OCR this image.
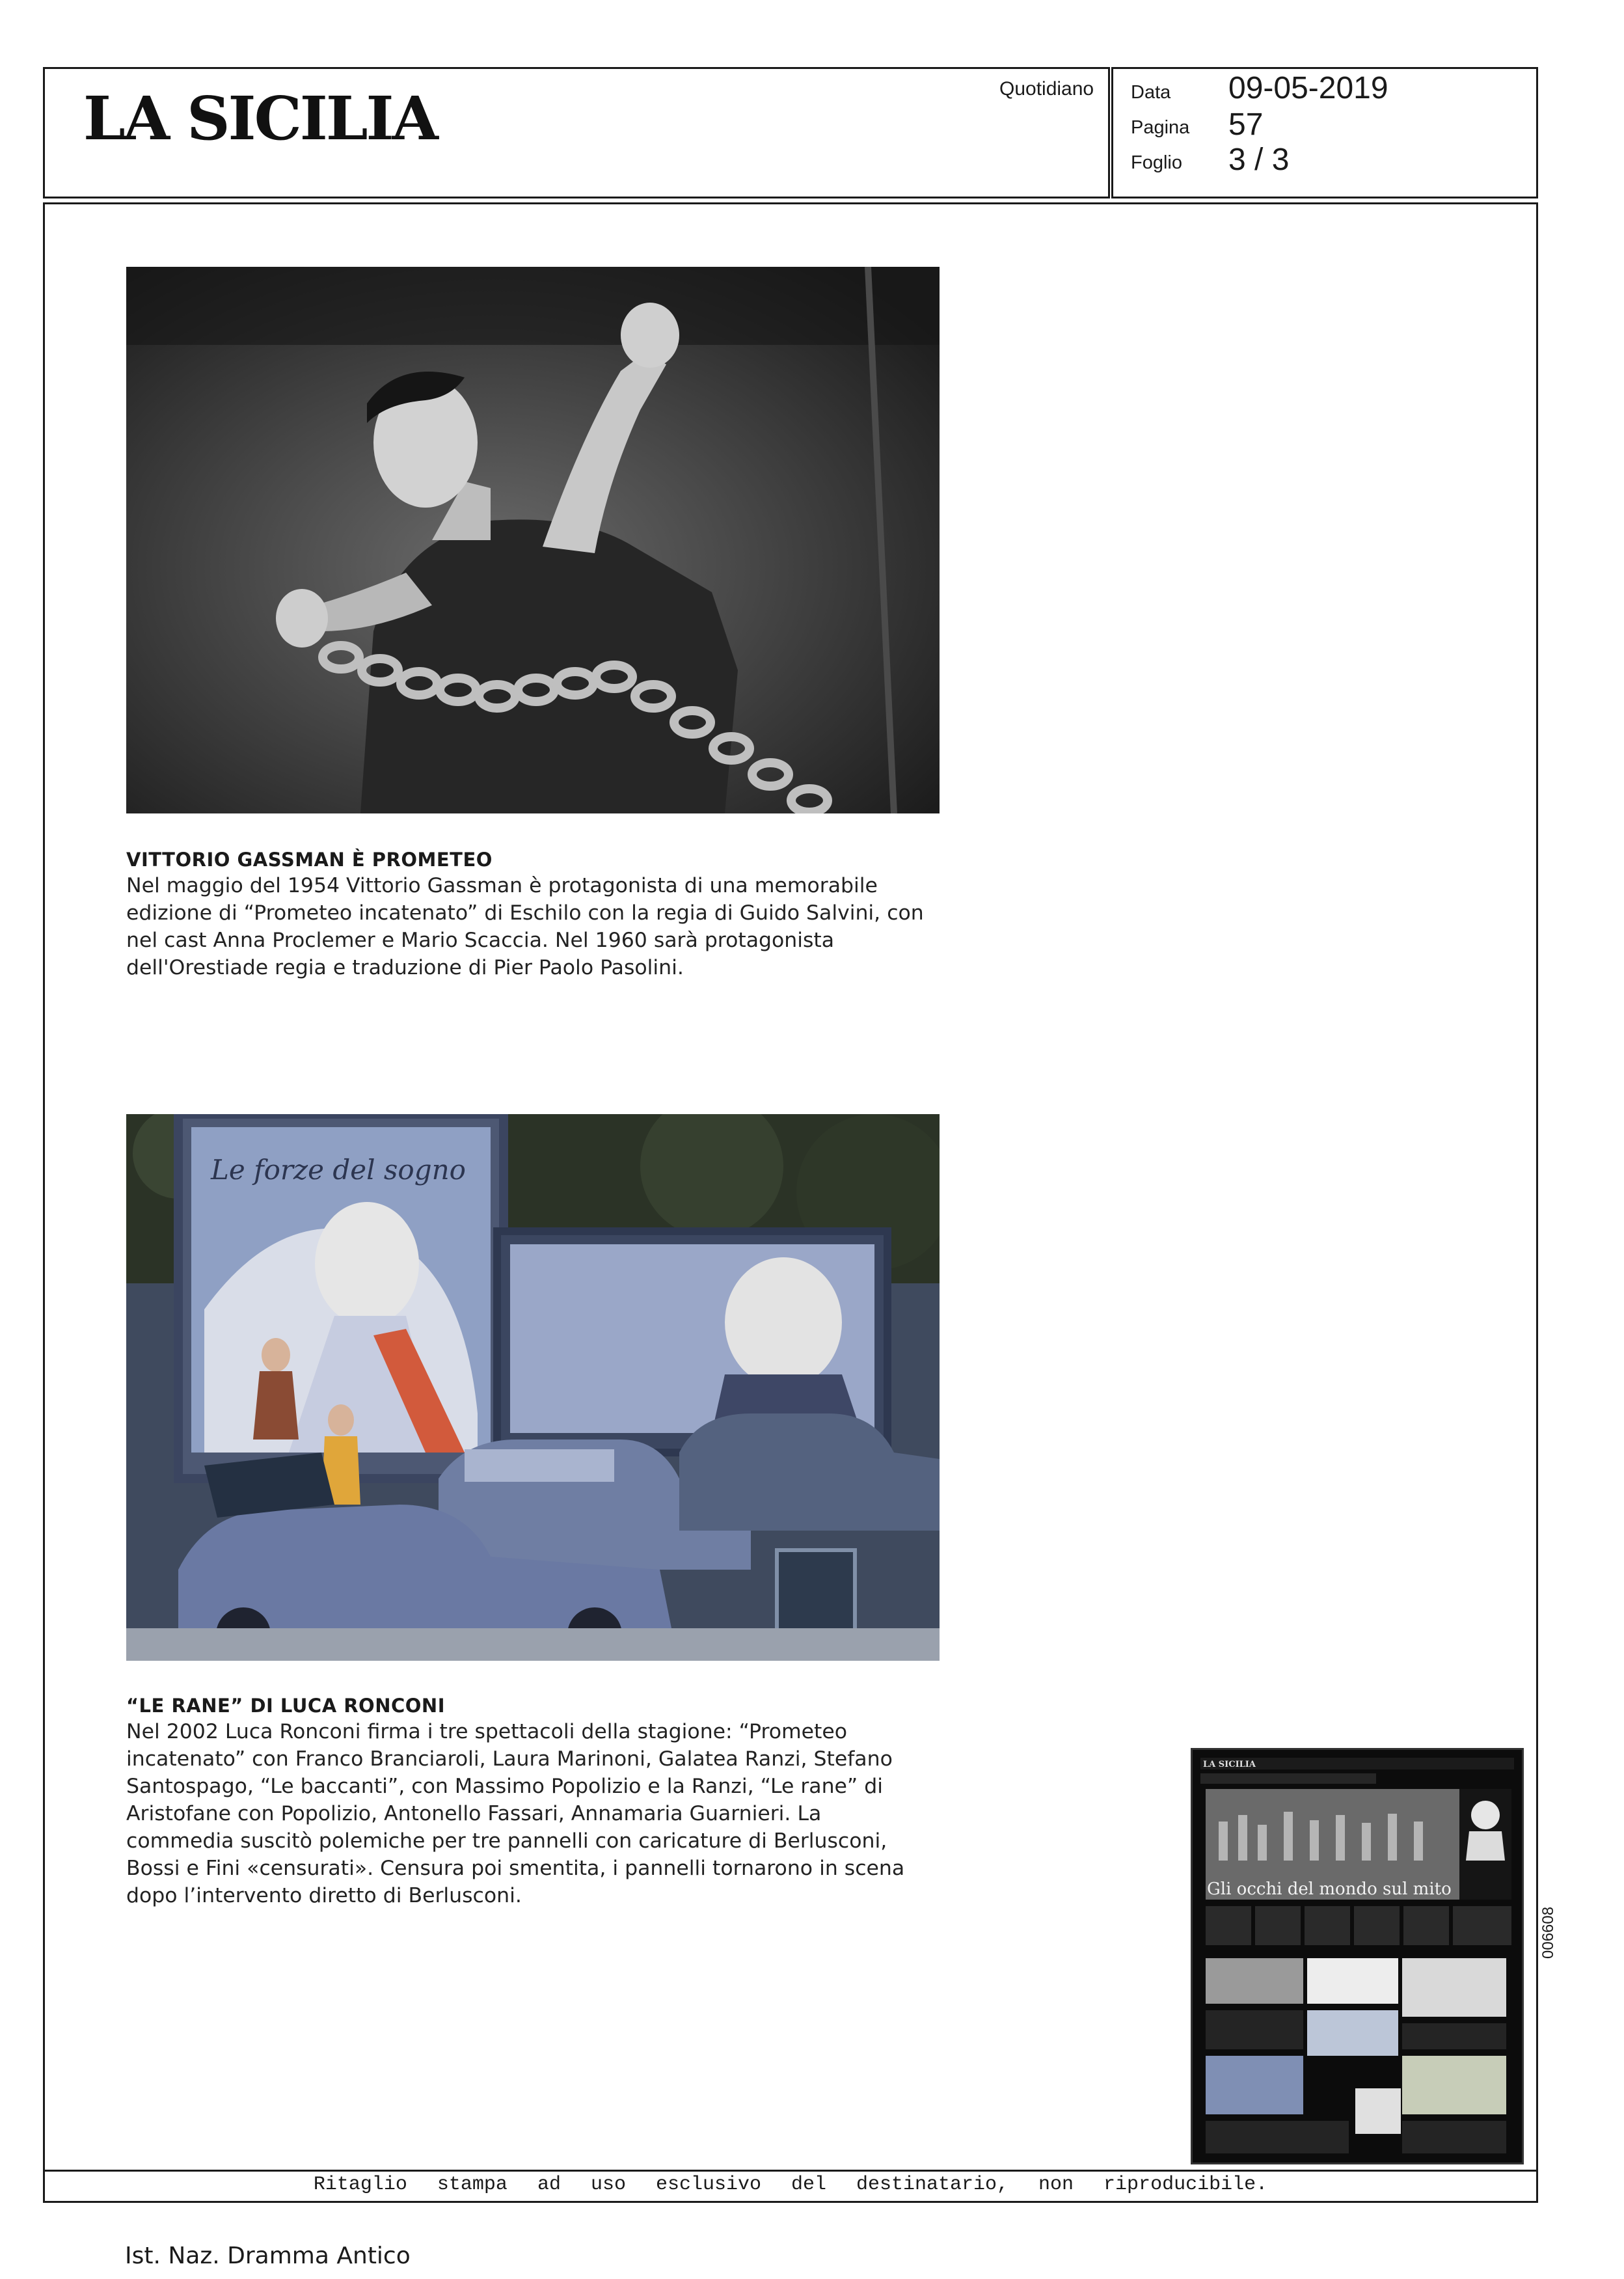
LA SICILIA	Quotidiano Data 09-05-2019
Pagina 57
Foglio 3 / 3
VITTORIO GASSMAN È PROMETEO
Nel maggio del 1954 Vittorio Gassman è protagonista di una memorabile
edizione di “Prometeo incatenato” di Eschilo con la regia di Guido Salvini, con
nel cast Anna Proclemer e Mario Scaccia. Nel 1960 sarà protagonista
dell'Orestiade regia e traduzione di Pier Paolo Pasolini.
Le forze del sogno
“LE RANE” DI LUCA RONCONI
Nel 2002 Luca Ronconi firma i tre spettacoli della stagione: “Prometeo
incatenato” con Franco Branciaroli, Laura Marinoni, Galatea Ranzi, Stefano
Santospago, “Le baccanti”, con Massimo Popolizio e la Ranzi, “Le rane” di
Aristofane con Popolizio, Antonello Fassari, Annamaria Guarnieri. La
commedia suscitò polemiche per tre pannelli con caricature di Berlusconi,
Bossi e Fini «censurati». Censura poi smentita, i pannelli tornarono in scena
dopo l’intervento diretto di Berlusconi.
LA SICILIA
Gli occhi del mondo sul mito
006608
Ritaglio stampa ad uso esclusivo del destinatario, non riproducibile.
Ist. Naz. Dramma Antico
